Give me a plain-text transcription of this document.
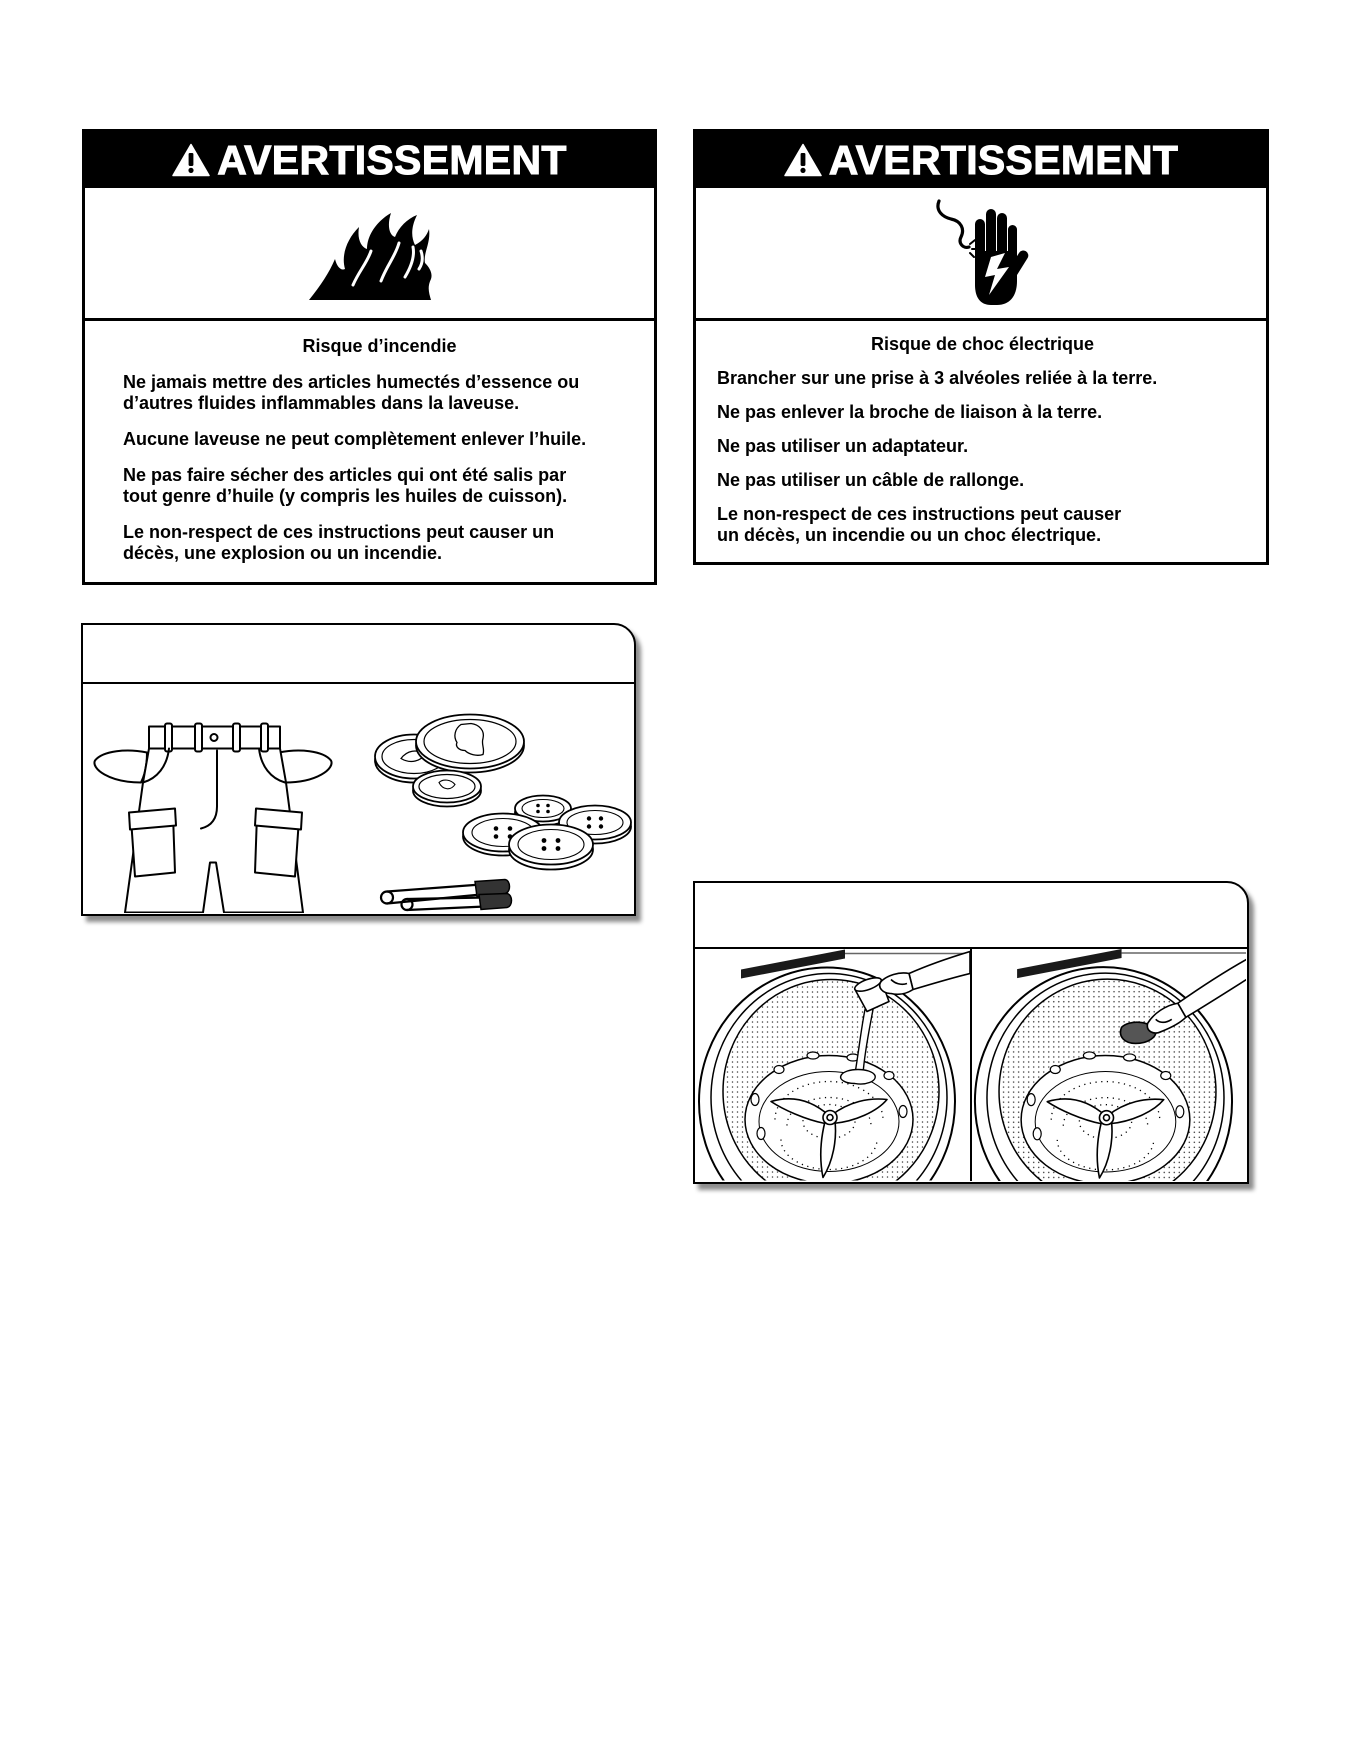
AVERTISSEMENT
Risque d’incendie
Ne jamais mettre des articles humectés d’essence ou
d’autres fluides inflammables dans la laveuse.
Aucune laveuse ne peut complètement enlever l’huile.
Ne pas faire sécher des articles qui ont été salis par
tout genre d’huile (y compris les huiles de cuisson).
Le non-respect de ces instructions peut causer un
décès, une explosion ou un incendie.
AVERTISSEMENT
Risque de choc électrique
Brancher sur une prise à 3 alvéoles reliée à la terre.
Ne pas enlever la broche de liaison à la terre.
Ne pas utiliser un adaptateur.
Ne pas utiliser un câble de rallonge.
Le non-respect de ces instructions peut causer
un décès, un incendie ou un choc électrique.
